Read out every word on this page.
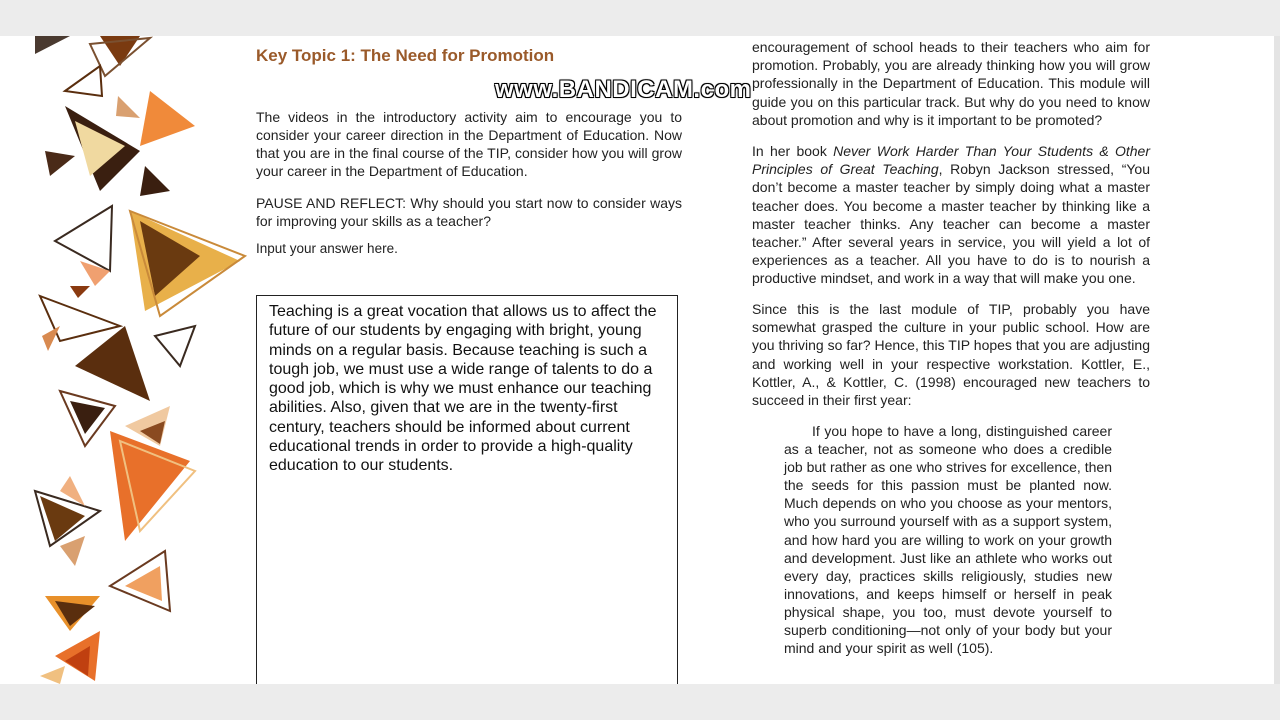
Key Topic 1: The Need for Promotion

The videos in the introductory activity aim to encourage you to consider your career direction in the Department of Education. Now that you are in the final course of the TIP, consider how you will grow your career in the Department of Education.

PAUSE AND REFLECT: Why should you start now to consider ways for improving your skills as a teacher?

Input your answer here.

Teaching is a great vocation that allows us to affect the future of our students by engaging with bright, young minds on a regular basis. Because teaching is such a tough job, we must use a wide range of talents to do a good job, which is why we must enhance our teaching abilities. Also, given that we are in the twenty-first century, teachers should be informed about current educational trends in order to provide a high-quality education to our students.

www.BANDICAM.com

encouragement of school heads to their teachers who aim for promotion. Probably, you are already thinking how you will grow professionally in the Department of Education. This module will guide you on this particular track. But why do you need to know about promotion and why is it important to be promoted?

In her book Never Work Harder Than Your Students & Other Principles of Great Teaching, Robyn Jackson stressed, “You don’t become a master teacher by simply doing what a master teacher does. You become a master teacher by thinking like a master teacher thinks. Any teacher can become a master teacher.” After several years in service, you will yield a lot of experiences as a teacher. All you have to do is to nourish a productive mindset, and work in a way that will make you one.

Since this is the last module of TIP, probably you have somewhat grasped the culture in your public school. How are you thriving so far? Hence, this TIP hopes that you are adjusting and working well in your respective workstation. Kottler, E., Kottler, A., & Kottler, C. (1998) encouraged new teachers to succeed in their first year:

If you hope to have a long, distinguished career as a teacher, not as someone who does a credible job but rather as one who strives for excellence, then the seeds for this passion must be planted now. Much depends on who you choose as your mentors, who you surround yourself with as a support system, and how hard you are willing to work on your growth and development. Just like an athlete who works out every day, practices skills religiously, studies new innovations, and keeps himself or herself in peak physical shape, you too, must devote yourself to superb conditioning—not only of your body but your mind and your spirit as well (105).
